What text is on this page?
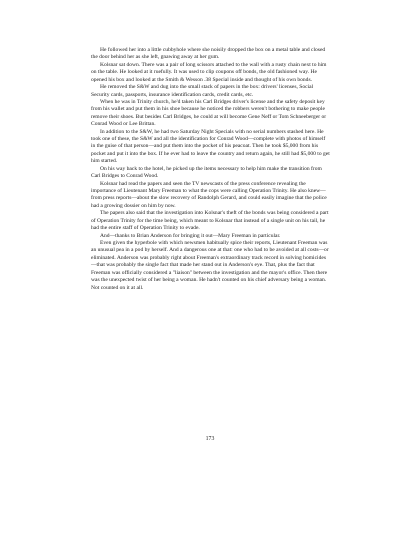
He followed her into a little cubbyhole where she noisily dropped the box on a metal table and closed the door behind her as she left, gnawing away at her gum.

Kolsnar sat down. There was a pair of long scissors attached to the wall with a rusty chain next to him on the table. He looked at it ruefully. It was used to clip coupons off bonds, the old fashioned way. He opened his box and looked at the Smith & Wesson .38 Special inside and thought of his own bonds.

He removed the S&W and dug into the small stack of papers in the box: drivers' licenses, Social Security cards, passports, insurance identification cards, credit cards, etc.

When he was in Trinity church, he'd taken his Carl Bridges driver's license and the safety deposit key from his wallet and put them in his shoe because he noticed the robbers weren't bothering to make people remove their shoes. But besides Carl Bridges, he could at will become Gene Neff or Tom Schneeberger or Conrad Wood or Lee Brittan.

In addition to the S&W, he had two Saturday Night Specials with no serial numbers stashed here. He took one of these, the S&W and all the identification for Conrad Wood—complete with photos of himself in the guise of that person—and put them into the pocket of his peacoat. Then he took $5,000 from his pocket and put it into the box. If he ever had to leave the country and return again, he still had $5,000 to get him started.

On his way back to the hotel, he picked up the items necessary to help him make the transition from Carl Bridges to Conrad Wood.

Kolsnar had read the papers and seen the TV newscasts of the press conference revealing the importance of Lieutenant Mary Freeman to what the cops were calling Operation Trinity. He also knew—from press reports—about the slow recovery of Randolph Gerard, and could easily imagine that the police had a growing dossier on him by now.

The papers also said that the investigation into Kolsnar's theft of the bonds was being considered a part of Operation Trinity for the time being, which meant to Kolsnar that instead of a single unit on his tail, he had the entire staff of Operation Trinity to evade.

And—thanks to Brian Anderson for bringing it out—Mary Freeman in particular.

Even given the hyperbole with which newsmen habitually spice their reports, Lieutenant Freeman was an unusual pea in a pod by herself. And a dangerous one at that: one who had to be avoided at all costs—or eliminated. Anderson was probably right about Freeman's extraordinary track record in solving homicides—that was probably the single fact that made her stand out in Anderson's eye. That, plus the fact that Freeman was officially considered a "liaison" between the investigation and the mayor's office. Then there was the unexpected twist of her being a woman. He hadn't counted on his chief adversary being a woman. Not counted on it at all.

173
